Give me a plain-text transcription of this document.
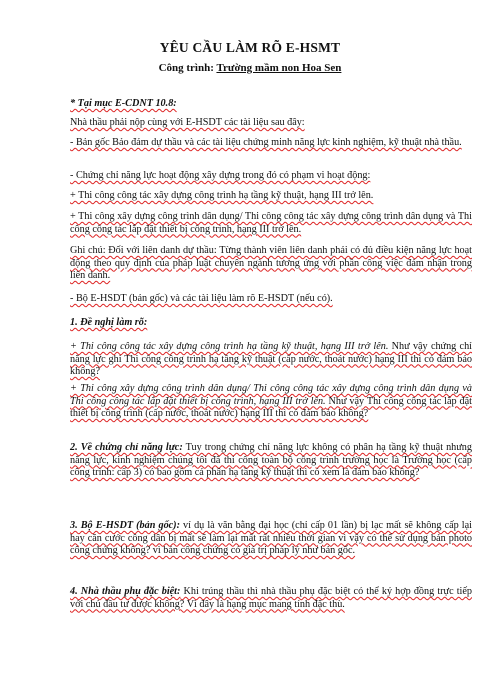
YÊU CẦU LÀM RÕ E-HSMT
Công trình: Trường mầm non Hoa Sen
* Tại mục E-CDNT 10.8:
Nhà thầu phải nộp cùng với E-HSDT các tài liệu sau đây:
- Bản gốc Bảo đảm dự thầu và các tài liệu chứng minh năng lực kinh nghiệm, kỹ thuật nhà thầu.
- Chứng chỉ năng lực hoạt động xây dựng trong đó có phạm vi hoạt động:
+ Thi công công tác xây dựng công trình hạ tầng kỹ thuật, hạng III trở lên.
+ Thi công xây dựng công trình dân dụng/ Thi công công tác xây dựng công trình dân dụng và Thi công công tác lắp đặt thiết bị công trình, hạng III trở lên.
Ghi chú: Đối với liên danh dự thầu: Từng thành viên liên danh phải có đủ điều kiện năng lực hoạt động theo quy định của pháp luật chuyên ngành tương ứng với phần công việc đảm nhận trong liên danh.
- Bộ E-HSDT (bản gốc) và các tài liệu làm rõ E-HSDT (nếu có).
1. Đề nghị làm rõ:
+ Thi công công tác xây dựng công trình hạ tầng kỹ thuật, hạng III trở lên. Như vậy chứng chỉ năng lực ghi Thi công công trình hạ tầng kỹ thuật (cấp nước, thoát nước) hạng III thì có đảm bảo không?
+ Thi công xây dựng công trình dân dụng/ Thi công công tác xây dựng công trình dân dụng và Thi công công tác lắp đặt thiết bị công trình, hạng III trở lên. Như vậy Thi công công tác lắp đặt thiết bị công trình (cấp nước, thoát nước) hạng III thì có đảm bảo không?
2. Về chứng chỉ năng lực: Tuy trong chứng chỉ năng lực không có phân hạ tầng kỹ thuật nhưng năng lực, kinh nghiệm chúng tôi đã thi công toàn bộ công trình trường học là Trường học (cấp công trình: cấp 3) có bao gồm cả phân hạ tầng kỹ thuật thì có xem là đảm bảo không?
3. Bộ E-HSDT (bản gốc): ví dụ là văn bằng đại học (chỉ cấp 01 lần) bị lạc mất sẽ không cấp lại hay căn cước công dân bị mất sẽ làm lại mất rất nhiều thời gian vì vậy có thể sử dụng bản photo công chứng không? vì bản công chứng có giá trị pháp lý như bản gốc.
4. Nhà thầu phụ đặc biệt: Khi trúng thầu thì nhà thầu phụ đặc biệt có thể ký hợp đồng trực tiếp với chủ đầu tư được không? Vì đây là hạng mục mang tính đặc thù.
